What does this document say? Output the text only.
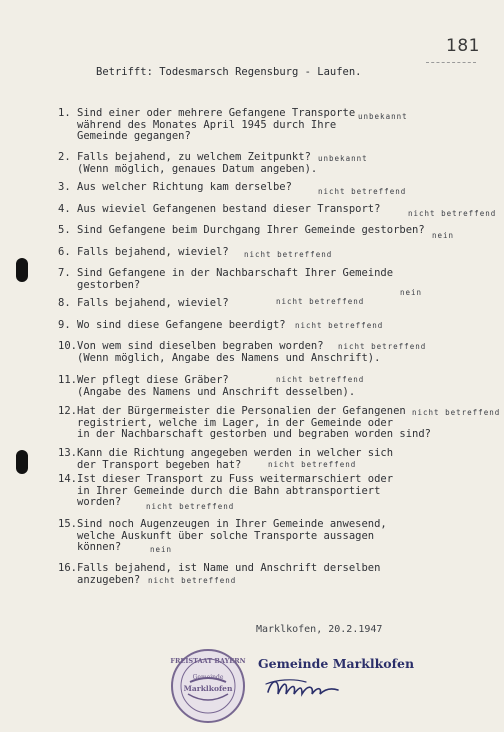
181
Betrifft: Todesmarsch Regensburg - Laufen.
1. Sind einer oder mehrere Gefangene Transporte
während des Monates April 1945 durch Ihre
Gemeinde gegangen?
unbekannt
2. Falls bejahend, zu welchem Zeitpunkt?
(Wenn möglich, genaues Datum angeben).
unbekannt
3. Aus welcher Richtung kam derselbe?	nicht betreffend
4. Aus wieviel Gefangenen bestand dieser Transport?	nicht betreffend
5. Sind Gefangene beim Durchgang Ihrer Gemeinde gestorben? nein
6. Falls bejahend, wieviel? nicht betreffend
7. Sind Gefangene in der Nachbarschaft Ihrer Gemeinde
gestorben?
nein
8. Falls bejahend, wieviel?	nicht betreffend
9. Wo sind diese Gefangene beerdigt? nicht betreffend
10. Von wem sind dieselben begraben worden?
(Wenn möglich, Angabe des Namens und Anschrift).
nicht betreffend
11. Wer pflegt diese Gräber?
(Angabe des Namens und Anschrift desselben).
nicht betreffend
12. Hat der Bürgermeister die Personalien der Gefangenen
registriert, welche im Lager, in der Gemeinde oder
in der Nachbarschaft gestorben und begraben worden sind?
nicht betreffend
13. Kann die Richtung angegeben werden in welcher sich
der Transport begeben hat?	nicht betreffend
14. Ist dieser Transport zu Fuss weitermarschiert oder
in Ihrer Gemeinde durch die Bahn abtransportiert
worden?	nicht betreffend
15. Sind noch Augenzeugen in Ihrer Gemeinde anwesend,
welche Auskunft über solche Transporte aussagen
können?	nein
16. Falls bejahend, ist Name und Anschrift derselben
anzugeben?	nicht betreffend
Marklkofen, 20.2.1947
FREISTAAT BAYERN
Gemeinde
Marklkofen
Gemeinde Marklkofen
